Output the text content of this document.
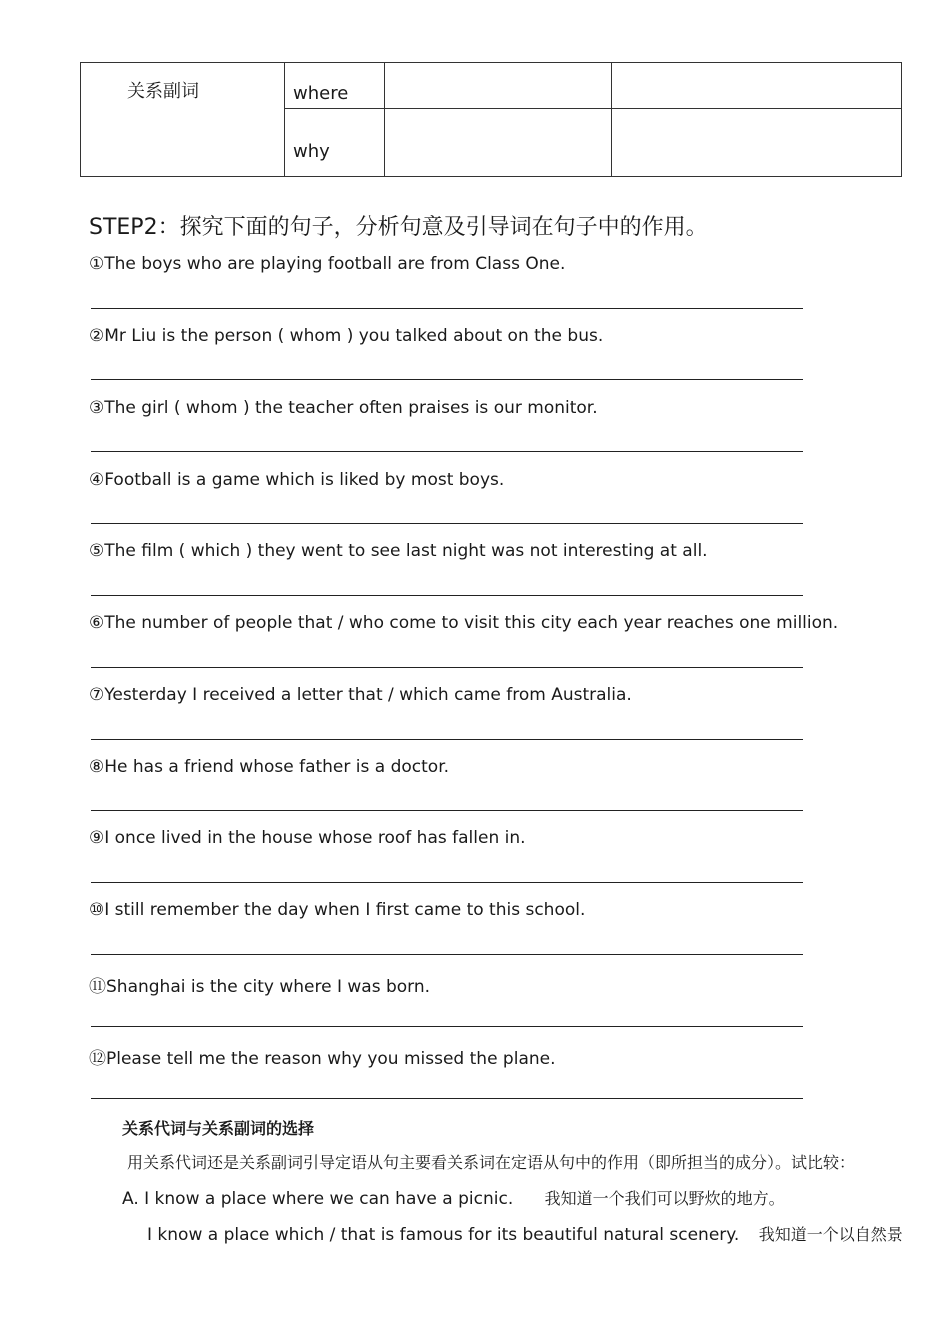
关系副词	where		
	why		
STEP2：探究下面的句子，分析句意及引导词在句子中的作用。
①The boys who are playing football are from Class One.
②Mr Liu is the person ( whom ) you talked about on the bus.
③The girl ( whom ) the teacher often praises is our monitor.
④Football is a game which is liked by most boys.
⑤The film ( which ) they went to see last night was not interesting at all.
⑥The number of people that / who come to visit this city each year reaches one million.
⑦Yesterday I received a letter that / which came from Australia.
⑧He has a friend whose father is a doctor.
⑨I once lived in the house whose roof has fallen in.
⑩I still remember the day when I first came to this school.
⑪Shanghai is the city where I was born.
⑫Please tell me the reason why you missed the plane.
关系代词与关系副词的选择
用关系代词还是关系副词引导定语从句主要看关系词在定语从句中的作用（即所担当的成分）。试比较：
A. I know a place where we can have a picnic. 我知道一个我们可以野炊的地方。
I know a place which / that is famous for its beautiful natural scenery. 我知道一个以自然景
